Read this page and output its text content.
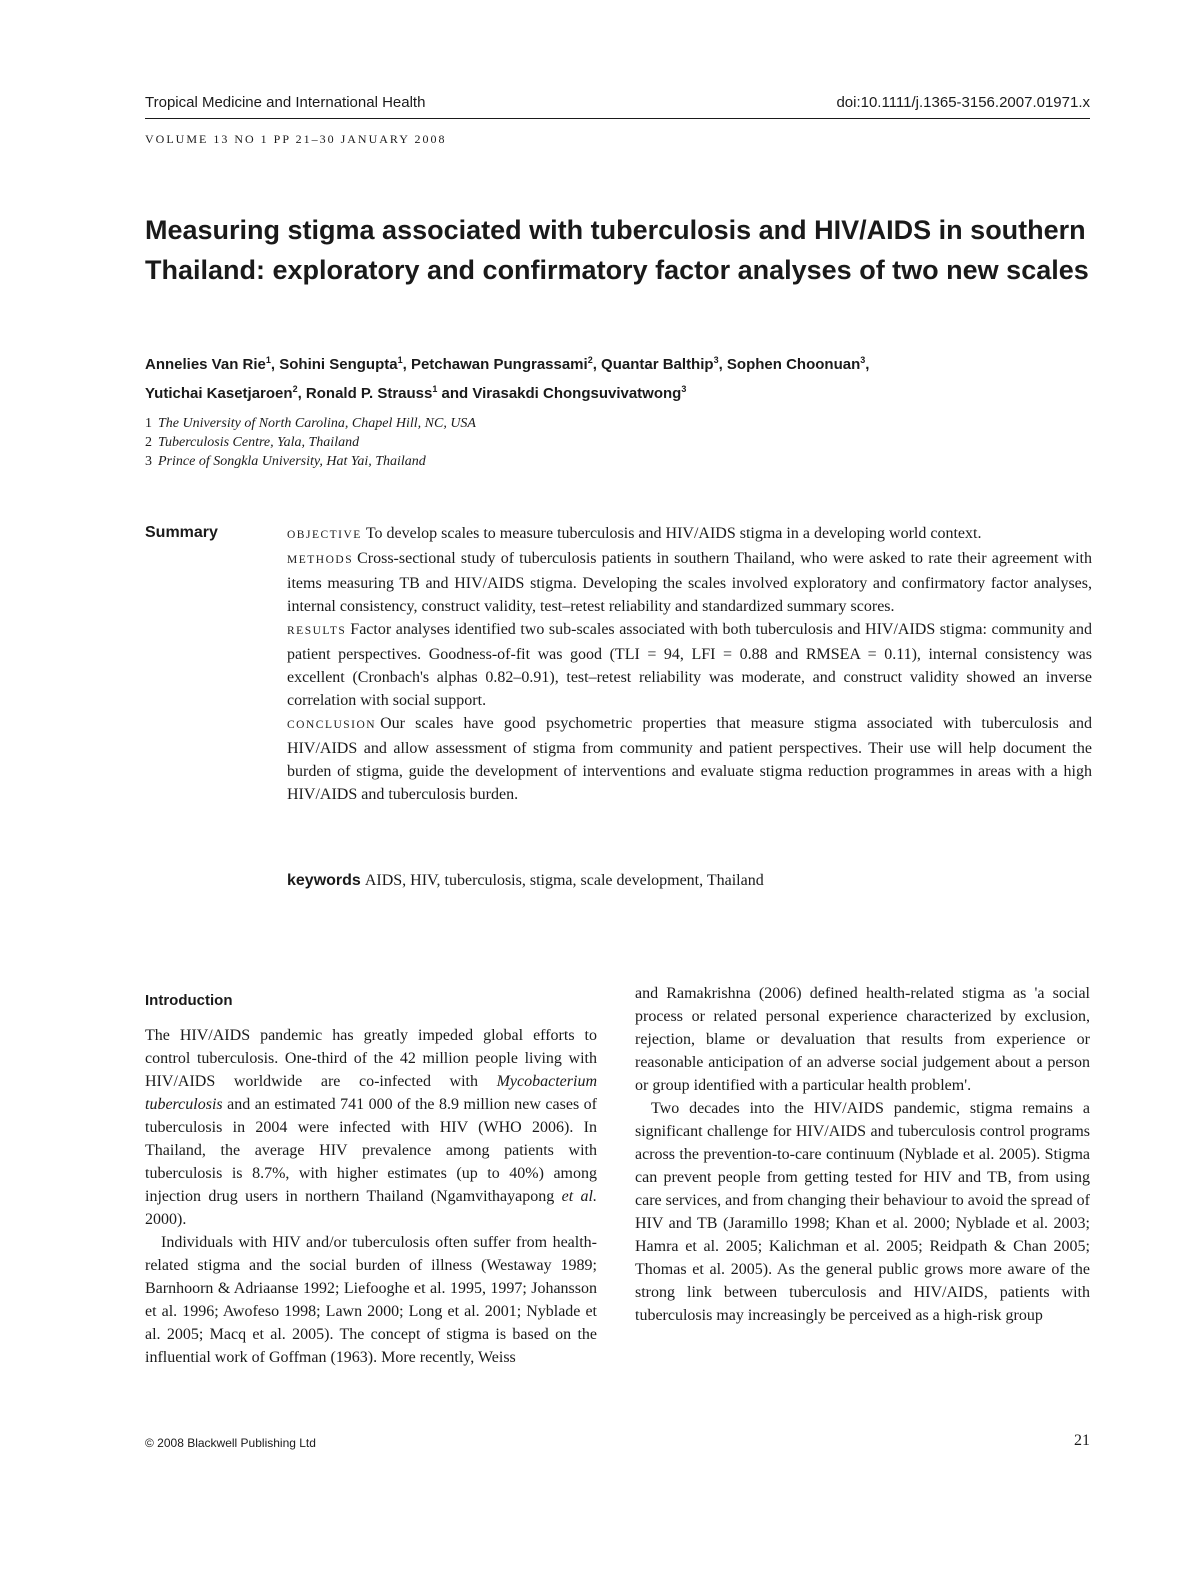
Tropical Medicine and International Health	doi:10.1111/j.1365-3156.2007.01971.x
VOLUME 13 NO 1 PP 21–30 JANUARY 2008
Measuring stigma associated with tuberculosis and HIV/AIDS in southern Thailand: exploratory and confirmatory factor analyses of two new scales
Annelies Van Rie$^1$, Sohini Sengupta$^1$, Petchawan Pungrassami$^2$, Quantar Balthip$^3$, Sophen Choonuan$^3$,
Yutichai Kasetjaroen$^2$, Ronald P. Strauss$^1$ and Virasakdi Chongsuvivatwong$^3$
1 The University of North Carolina, Chapel Hill, NC, USA
2 Tuberculosis Centre, Yala, Thailand
3 Prince of Songkla University, Hat Yai, Thailand
Summary	OBJECTIVE To develop scales to measure tuberculosis and HIV/AIDS stigma in a developing world context.

METHODS Cross-sectional study of tuberculosis patients in southern Thailand, who were asked to rate their agreement with items measuring TB and HIV/AIDS stigma. Developing the scales involved exploratory and confirmatory factor analyses, internal consistency, construct validity, test–retest reliability and standardized summary scores.

RESULTS Factor analyses identified two sub-scales associated with both tuberculosis and HIV/AIDS stigma: community and patient perspectives. Goodness-of-fit was good (TLI = 94, LFI = 0.88 and RMSEA = 0.11), internal consistency was excellent (Cronbach's alphas 0.82–0.91), test–retest reliability was moderate, and construct validity showed an inverse correlation with social support.

CONCLUSION Our scales have good psychometric properties that measure stigma associated with tuberculosis and HIV/AIDS and allow assessment of stigma from community and patient perspectives. Their use will help document the burden of stigma, guide the development of interventions and evaluate stigma reduction programmes in areas with a high HIV/AIDS and tuberculosis burden.

keywords AIDS, HIV, tuberculosis, stigma, scale development, Thailand
Introduction

The HIV/AIDS pandemic has greatly impeded global efforts to control tuberculosis. One-third of the 42 million people living with HIV/AIDS worldwide are co-infected with Mycobacterium tuberculosis and an estimated 741 000 of the 8.9 million new cases of tuberculosis in 2004 were infected with HIV (WHO 2006). In Thailand, the average HIV prevalence among patients with tuberculosis is 8.7%, with higher estimates (up to 40%) among injection drug users in northern Thailand (Ngamvithayapong et al. 2000).

Individuals with HIV and/or tuberculosis often suffer from health-related stigma and the social burden of illness (Westaway 1989; Barnhoorn & Adriaanse 1992; Liefooghe et al. 1995, 1997; Johansson et al. 1996; Awofeso 1998; Lawn 2000; Long et al. 2001; Nyblade et al. 2005; Macq et al. 2005). The concept of stigma is based on the influential work of Goffman (1963). More recently, Weiss

and Ramakrishna (2006) defined health-related stigma as 'a social process or related personal experience characterized by exclusion, rejection, blame or devaluation that results from experience or reasonable anticipation of an adverse social judgement about a person or group identified with a particular health problem'.

Two decades into the HIV/AIDS pandemic, stigma remains a significant challenge for HIV/AIDS and tuberculosis control programs across the prevention-to-care continuum (Nyblade et al. 2005). Stigma can prevent people from getting tested for HIV and TB, from using care services, and from changing their behaviour to avoid the spread of HIV and TB (Jaramillo 1998; Khan et al. 2000; Nyblade et al. 2003; Hamra et al. 2005; Kalichman et al. 2005; Reidpath & Chan 2005; Thomas et al. 2005). As the general public grows more aware of the strong link between tuberculosis and HIV/AIDS, patients with tuberculosis may increasingly be perceived as a high-risk group

© 2008 Blackwell Publishing Ltd	21
